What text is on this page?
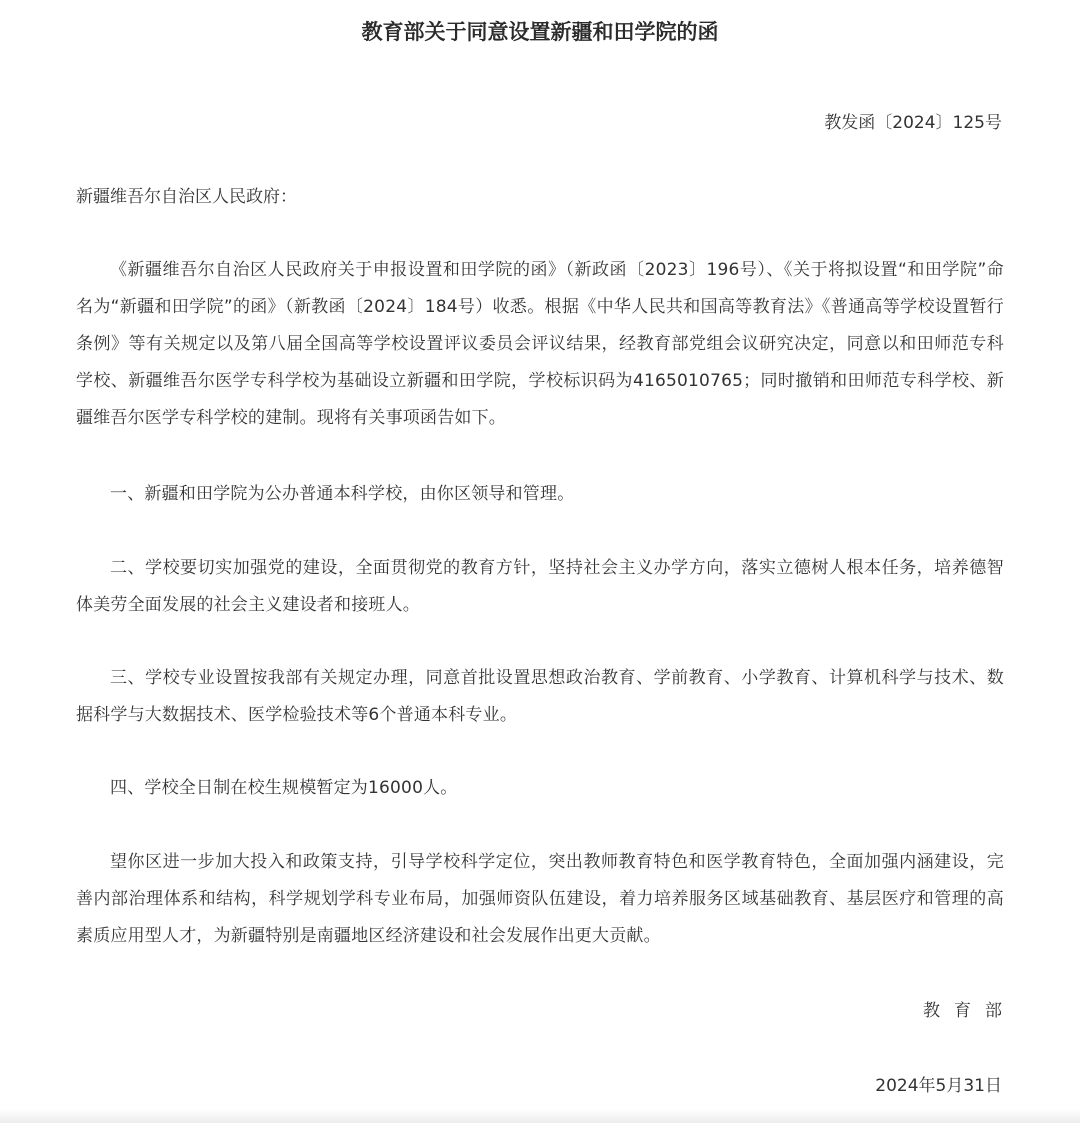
教育部关于同意设置新疆和田学院的函
教发函〔2024〕125号
新疆维吾尔自治区人民政府：
《新疆维吾尔自治区人民政府关于申报设置和田学院的函》（新政函〔2023〕196号）、《关于将拟设置“和田学院”命名为“新疆和田学院”的函》（新教函〔2024〕184号）收悉。根据《中华人民共和国高等教育法》《普通高等学校设置暂行条例》等有关规定以及第八届全国高等学校设置评议委员会评议结果，经教育部党组会议研究决定，同意以和田师范专科学校、新疆维吾尔医学专科学校为基础设立新疆和田学院，学校标识码为4165010765；同时撤销和田师范专科学校、新疆维吾尔医学专科学校的建制。现将有关事项函告如下。
一、新疆和田学院为公办普通本科学校，由你区领导和管理。
二、学校要切实加强党的建设，全面贯彻党的教育方针，坚持社会主义办学方向，落实立德树人根本任务，培养德智体美劳全面发展的社会主义建设者和接班人。
三、学校专业设置按我部有关规定办理，同意首批设置思想政治教育、学前教育、小学教育、计算机科学与技术、数据科学与大数据技术、医学检验技术等6个普通本科专业。
四、学校全日制在校生规模暂定为16000人。
望你区进一步加大投入和政策支持，引导学校科学定位，突出教师教育特色和医学教育特色，全面加强内涵建设，完善内部治理体系和结构，科学规划学科专业布局，加强师资队伍建设，着力培养服务区域基础教育、基层医疗和管理的高素质应用型人才，为新疆特别是南疆地区经济建设和社会发展作出更大贡献。
教育部
2024年5月31日
